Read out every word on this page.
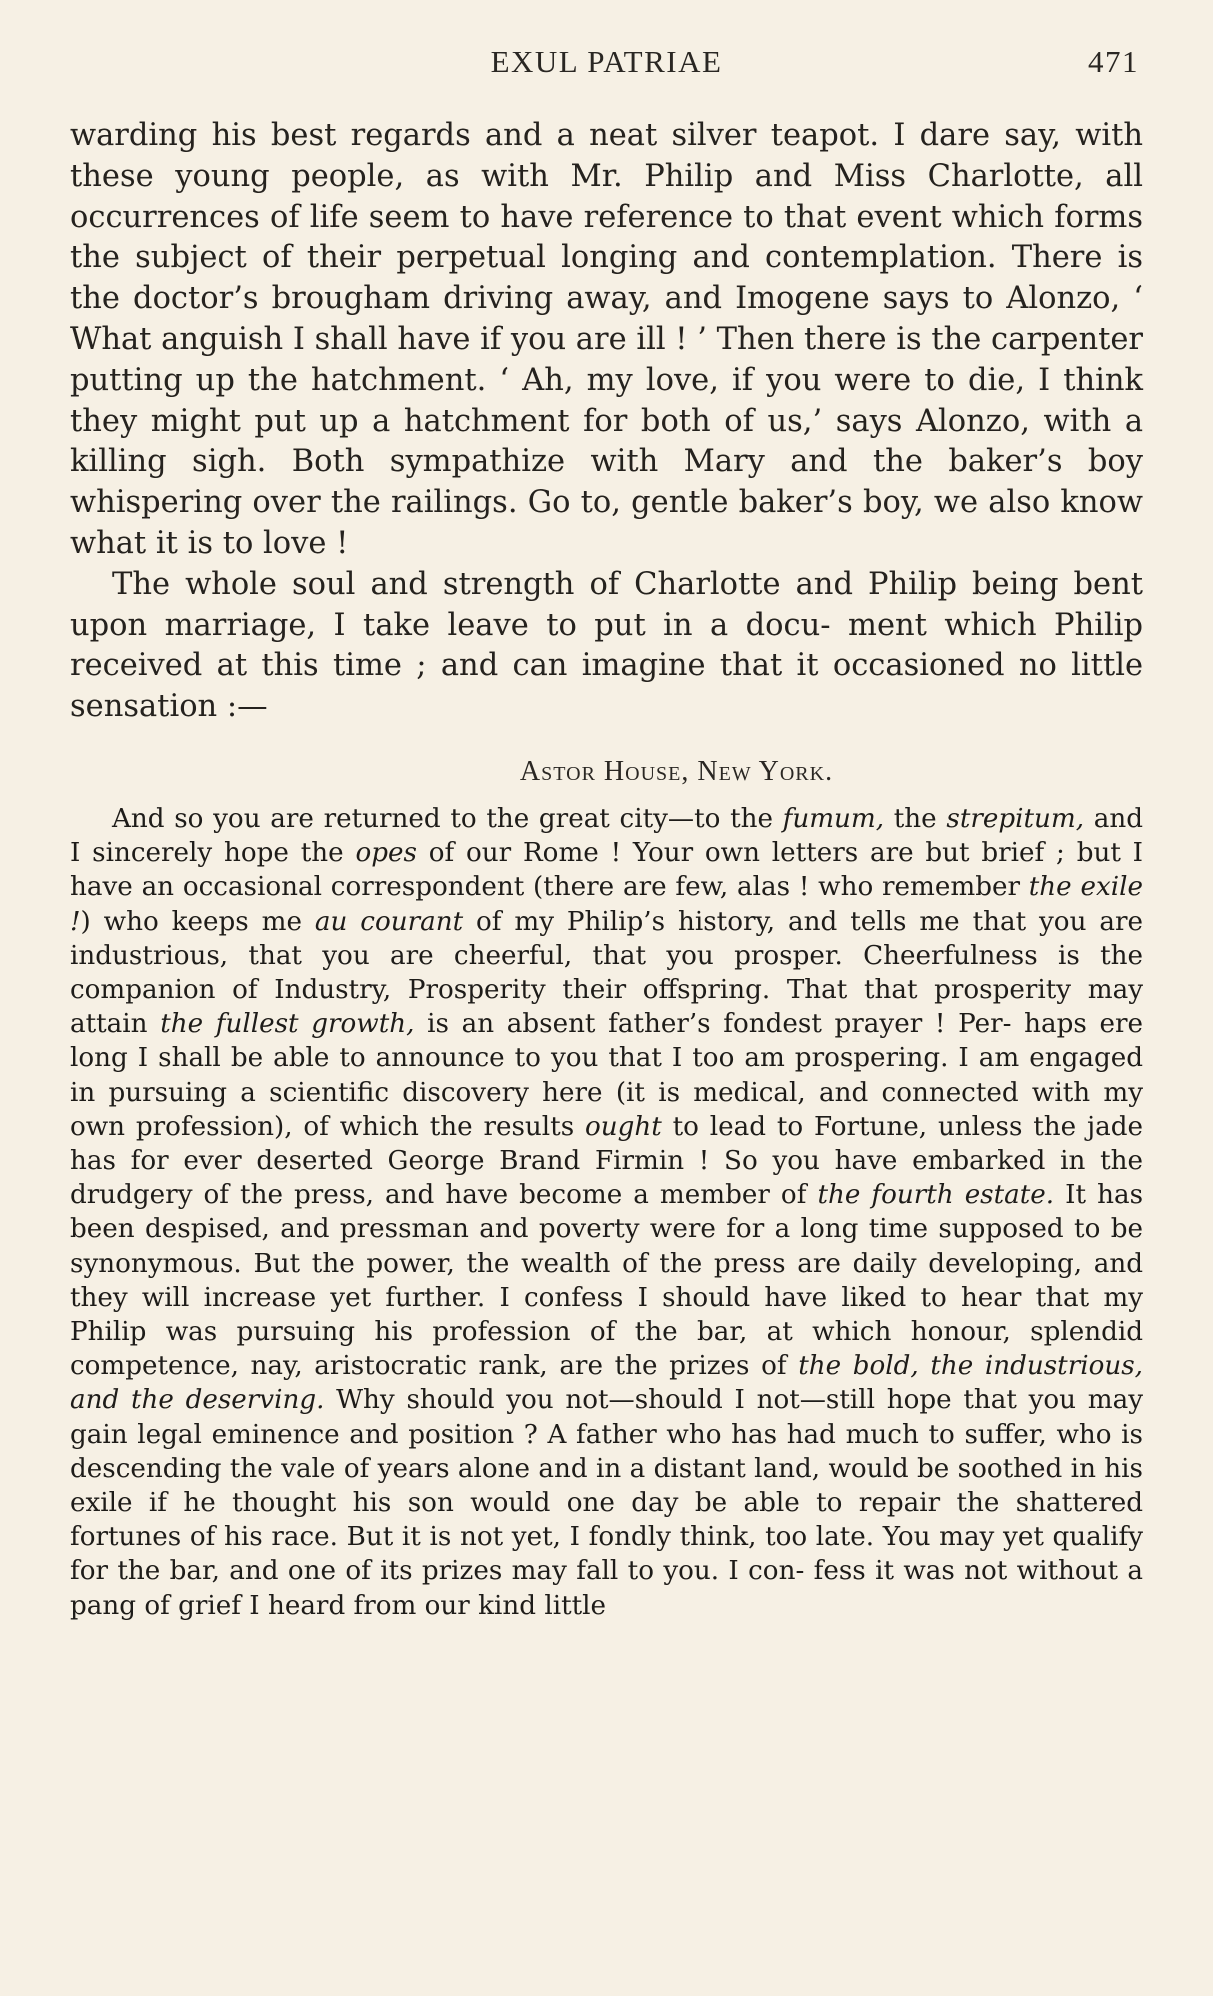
EXUL PATRIAE	471

warding his best regards and a neat silver teapot. I dare say, with these young people, as with Mr. Philip and Miss Charlotte, all occurrences of life seem to have reference to that event which forms the subject of their perpetual longing and contemplation. There is the doctor’s brougham driving away, and Imogene says to Alonzo, ‘ What anguish I shall have if you are ill ! ’ Then there is the carpenter putting up the hatchment. ‘ Ah, my love, if you were to die, I think they might put up a hatchment for both of us,’ says Alonzo, with a killing sigh. Both sympathize with Mary and the baker’s boy whispering over the railings. Go to, gentle baker’s boy, we also know what it is to love !

The whole soul and strength of Charlotte and Philip being bent upon marriage, I take leave to put in a docu- ment which Philip received at this time ; and can imagine that it occasioned no little sensation :—

Astor House, New York.

And so you are returned to the great city—to the fumum, the strepitum, and I sincerely hope the opes of our Rome ! Your own letters are but brief ; but I have an occasional correspondent (there are few, alas ! who remember the exile !) who keeps me au courant of my Philip’s history, and tells me that you are industrious, that you are cheerful, that you prosper. Cheerfulness is the companion of Industry, Prosperity their offspring. That that prosperity may attain the fullest growth, is an absent father’s fondest prayer ! Per- haps ere long I shall be able to announce to you that I too am prospering. I am engaged in pursuing a scientific discovery here (it is medical, and connected with my own profession), of which the results ought to lead to Fortune, unless the jade has for ever deserted George Brand Firmin ! So you have embarked in the drudgery of the press, and have become a member of the fourth estate. It has been despised, and pressman and poverty were for a long time supposed to be synonymous. But the power, the wealth of the press are daily developing, and they will increase yet further. I confess I should have liked to hear that my Philip was pursuing his profession of the bar, at which honour, splendid competence, nay, aristocratic rank, are the prizes of the bold, the industrious, and the deserving. Why should you not—should I not—still hope that you may gain legal eminence and position ? A father who has had much to suffer, who is descending the vale of years alone and in a distant land, would be soothed in his exile if he thought his son would one day be able to repair the shattered fortunes of his race. But it is not yet, I fondly think, too late. You may yet qualify for the bar, and one of its prizes may fall to you. I con- fess it was not without a pang of grief I heard from our kind little
